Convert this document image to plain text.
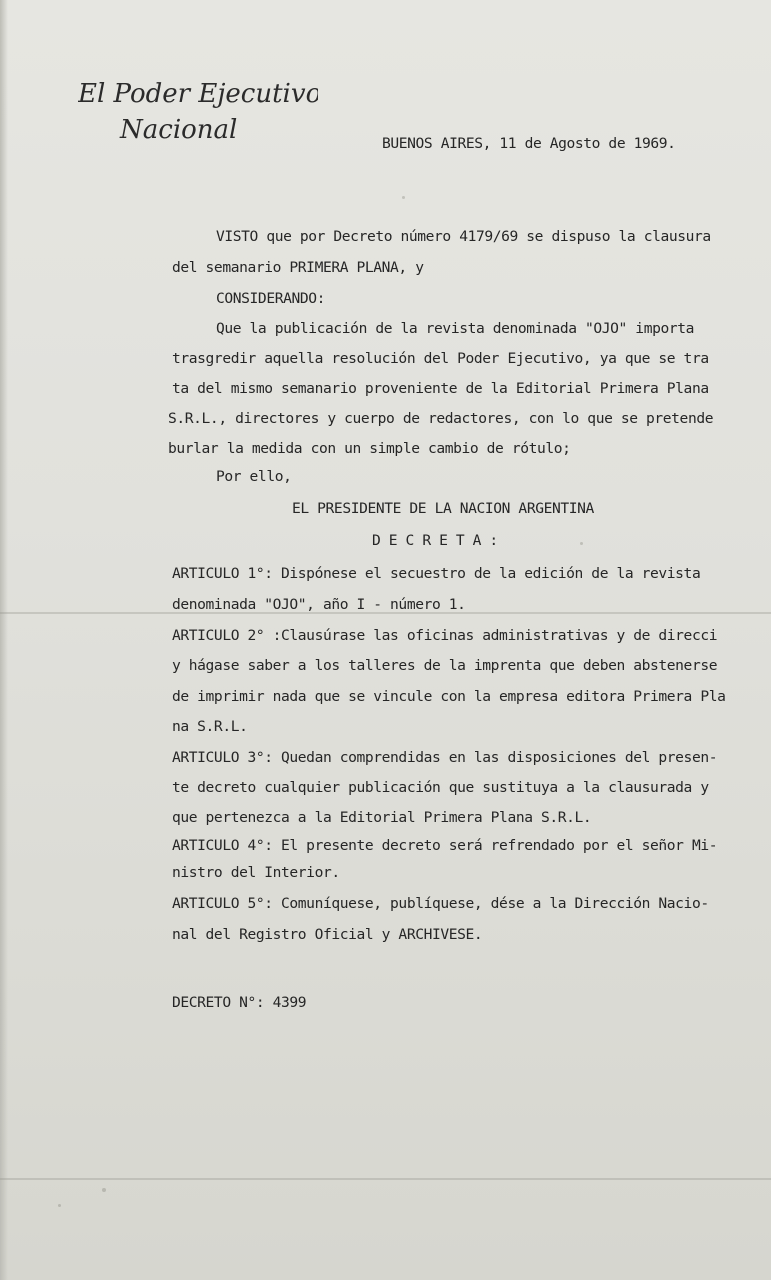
El Poder Ejecutivo
Nacional	BUENOS AIRES, 11 de Agosto de 1969.
VISTO que por Decreto número 4179/69 se dispuso la clausura
del semanario PRIMERA PLANA, y
CONSIDERANDO:
Que la publicación de la revista denominada "OJO" importa
trasgredir aquella resolución del Poder Ejecutivo, ya que se tra
ta del mismo semanario proveniente de la Editorial Primera Plana
S.R.L., directores y cuerpo de redactores, con lo que se pretende
burlar la medida con un simple cambio de rótulo;
Por ello,
EL PRESIDENTE DE LA NACION ARGENTINA
D E C R E T A :
ARTICULO 1°: Dispónese el secuestro de la edición de la revista
denominada "OJO", año I - número 1.
ARTICULO 2° :Clausúrase las oficinas administrativas y de direcci
y hágase saber a los talleres de la imprenta que deben abstenerse
de imprimir nada que se vincule con la empresa editora Primera Pla
na S.R.L.
ARTICULO 3°: Quedan comprendidas en las disposiciones del presen-
te decreto cualquier publicación que sustituya a la clausurada y
que pertenezca a la Editorial Primera Plana S.R.L.
ARTICULO 4°: El presente decreto será refrendado por el señor Mi-
nistro del Interior.
ARTICULO 5°: Comuníquese, publíquese, dése a la Dirección Nacio-
nal del Registro Oficial y ARCHIVESE.
DECRETO N°: 4399
